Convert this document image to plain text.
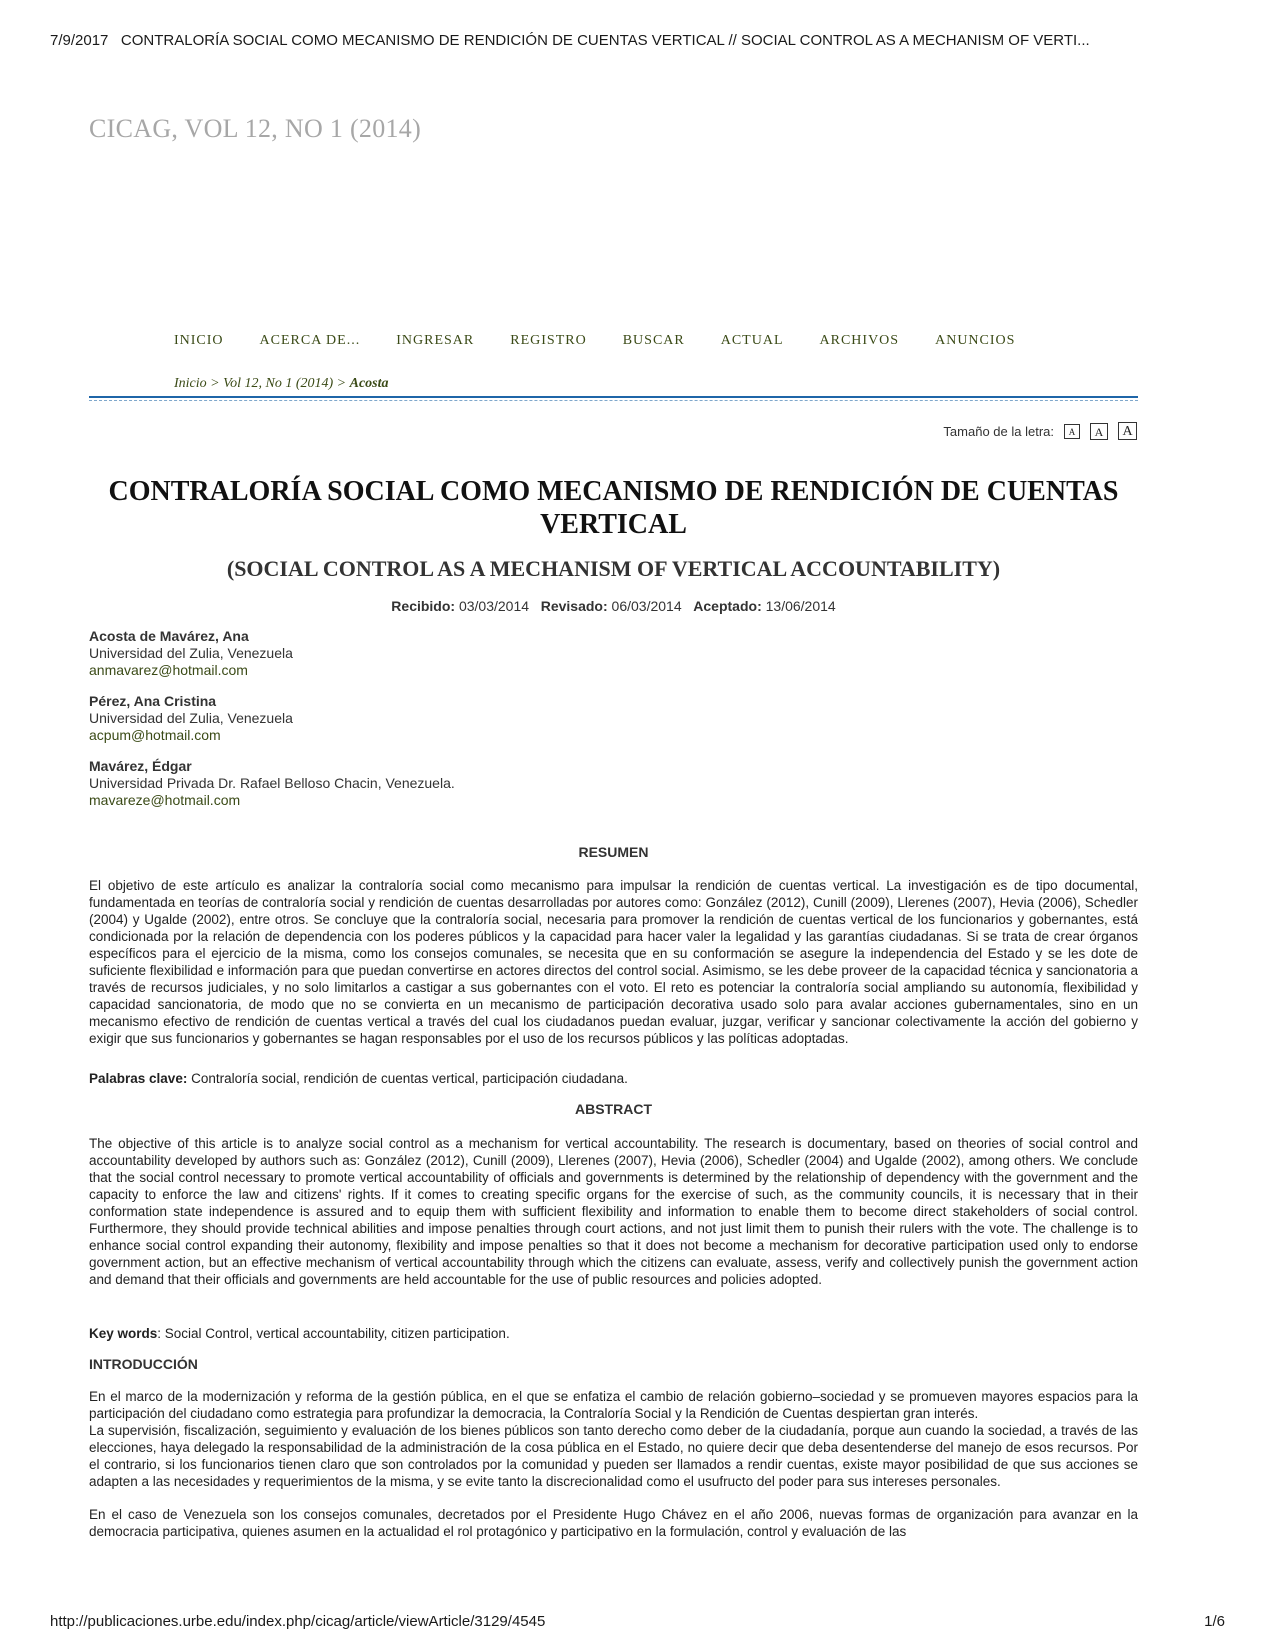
7/9/2017 CONTRALORÍA SOCIAL COMO MECANISMO DE RENDICIÓN DE CUENTAS VERTICAL // SOCIAL CONTROL AS A MECHANISM OF VERTI...
CICAG, VOL 12, NO 1 (2014)
INICIO	ACERCA DE...	INGRESAR	REGISTRO	BUSCAR	ACTUAL	ARCHIVOS	ANUNCIOS
Inicio > Vol 12, No 1 (2014) > Acosta
Tamaño de la letra:	A	A	A
CONTRALORÍA SOCIAL COMO MECANISMO DE RENDICIÓN DE CUENTAS VERTICAL
(SOCIAL CONTROL AS A MECHANISM OF VERTICAL ACCOUNTABILITY)
Recibido: 03/03/2014 Revisado: 06/03/2014 Aceptado: 13/06/2014
Acosta de Mavárez, Ana
Universidad del Zulia, Venezuela
anmavarez@hotmail.com
Pérez, Ana Cristina
Universidad del Zulia, Venezuela
acpum@hotmail.com
Mavárez, Édgar
Universidad Privada Dr. Rafael Belloso Chacin, Venezuela.
mavareze@hotmail.com
RESUMEN
El objetivo de este artículo es analizar la contraloría social como mecanismo para impulsar la rendición de cuentas vertical. La investigación es de tipo documental, fundamentada en teorías de contraloría social y rendición de cuentas desarrolladas por autores como: González (2012), Cunill (2009), Llerenes (2007), Hevia (2006), Schedler (2004) y Ugalde (2002), entre otros. Se concluye que la contraloría social, necesaria para promover la rendición de cuentas vertical de los funcionarios y gobernantes, está condicionada por la relación de dependencia con los poderes públicos y la capacidad para hacer valer la legalidad y las garantías ciudadanas. Si se trata de crear órganos específicos para el ejercicio de la misma, como los consejos comunales, se necesita que en su conformación se asegure la independencia del Estado y se les dote de suficiente flexibilidad e información para que puedan convertirse en actores directos del control social. Asimismo, se les debe proveer de la capacidad técnica y sancionatoria a través de recursos judiciales, y no solo limitarlos a castigar a sus gobernantes con el voto. El reto es potenciar la contraloría social ampliando su autonomía, flexibilidad y capacidad sancionatoria, de modo que no se convierta en un mecanismo de participación decorativa usado solo para avalar acciones gubernamentales, sino en un mecanismo efectivo de rendición de cuentas vertical a través del cual los ciudadanos puedan evaluar, juzgar, verificar y sancionar colectivamente la acción del gobierno y exigir que sus funcionarios y gobernantes se hagan responsables por el uso de los recursos públicos y las políticas adoptadas.
Palabras clave: Contraloría social, rendición de cuentas vertical, participación ciudadana.
ABSTRACT
The objective of this article is to analyze social control as a mechanism for vertical accountability. The research is documentary, based on theories of social control and accountability developed by authors such as: González (2012), Cunill (2009), Llerenes (2007), Hevia (2006), Schedler (2004) and Ugalde (2002), among others. We conclude that the social control necessary to promote vertical accountability of officials and governments is determined by the relationship of dependency with the government and the capacity to enforce the law and citizens' rights. If it comes to creating specific organs for the exercise of such, as the community councils, it is necessary that in their conformation state independence is assured and to equip them with sufficient flexibility and information to enable them to become direct stakeholders of social control. Furthermore, they should provide technical abilities and impose penalties through court actions, and not just limit them to punish their rulers with the vote. The challenge is to enhance social control expanding their autonomy, flexibility and impose penalties so that it does not become a mechanism for decorative participation used only to endorse government action, but an effective mechanism of vertical accountability through which the citizens can evaluate, assess, verify and collectively punish the government action and demand that their officials and governments are held accountable for the use of public resources and policies adopted.
Key words: Social Control, vertical accountability, citizen participation.
INTRODUCCIÓN

En el marco de la modernización y reforma de la gestión pública, en el que se enfatiza el cambio de relación gobierno–sociedad y se promueven mayores espacios para la participación del ciudadano como estrategia para profundizar la democracia, la Contraloría Social y la Rendición de Cuentas despiertan gran interés.

La supervisión, fiscalización, seguimiento y evaluación de los bienes públicos son tanto derecho como deber de la ciudadanía, porque aun cuando la sociedad, a través de las elecciones, haya delegado la responsabilidad de la administración de la cosa pública en el Estado, no quiere decir que deba desentenderse del manejo de esos recursos. Por el contrario, si los funcionarios tienen claro que son controlados por la comunidad y pueden ser llamados a rendir cuentas, existe mayor posibilidad de que sus acciones se adapten a las necesidades y requerimientos de la misma, y se evite tanto la discrecionalidad como el usufructo del poder para sus intereses personales.

En el caso de Venezuela son los consejos comunales, decretados por el Presidente Hugo Chávez en el año 2006, nuevas formas de organización para avanzar en la democracia participativa, quienes asumen en la actualidad el rol protagónico y participativo en la formulación, control y evaluación de las

http://publicaciones.urbe.edu/index.php/cicag/article/viewArticle/3129/4545	1/6
